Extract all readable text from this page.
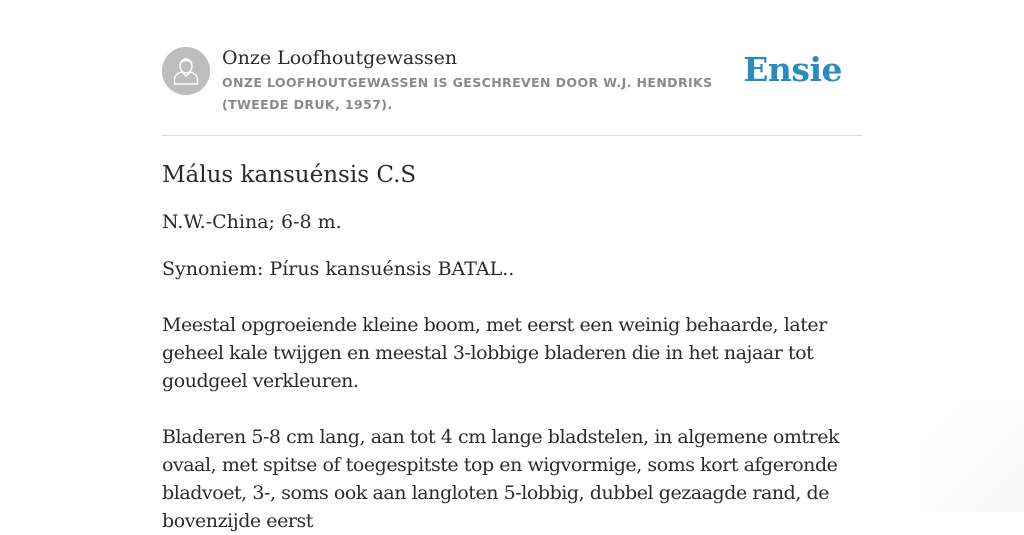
Onze Loofhoutgewassen
ONZE LOOFHOUTGEWASSEN IS GESCHREVEN DOOR W.J. HENDRIKS (TWEEDE DRUK, 1957).
Ensie
Málus kansuénsis C.S

N.W.-China; 6-8 m.

Synoniem: Pírus kansuénsis BATAL..

Meestal opgroeiende kleine boom, met eerst een weinig behaarde, later geheel kale twijgen en meestal 3-lobbige bladeren die in het najaar tot goudgeel verkleuren.

Bladeren 5-8 cm lang, aan tot 4 cm lange bladstelen, in algemene omtrek ovaal, met spitse of toegespitste top en wigvormige, soms kort afgeronde bladvoet, 3-, soms ook aan langloten 5-lobbig, dubbel gezaagde rand, de bovenzijde eerst
